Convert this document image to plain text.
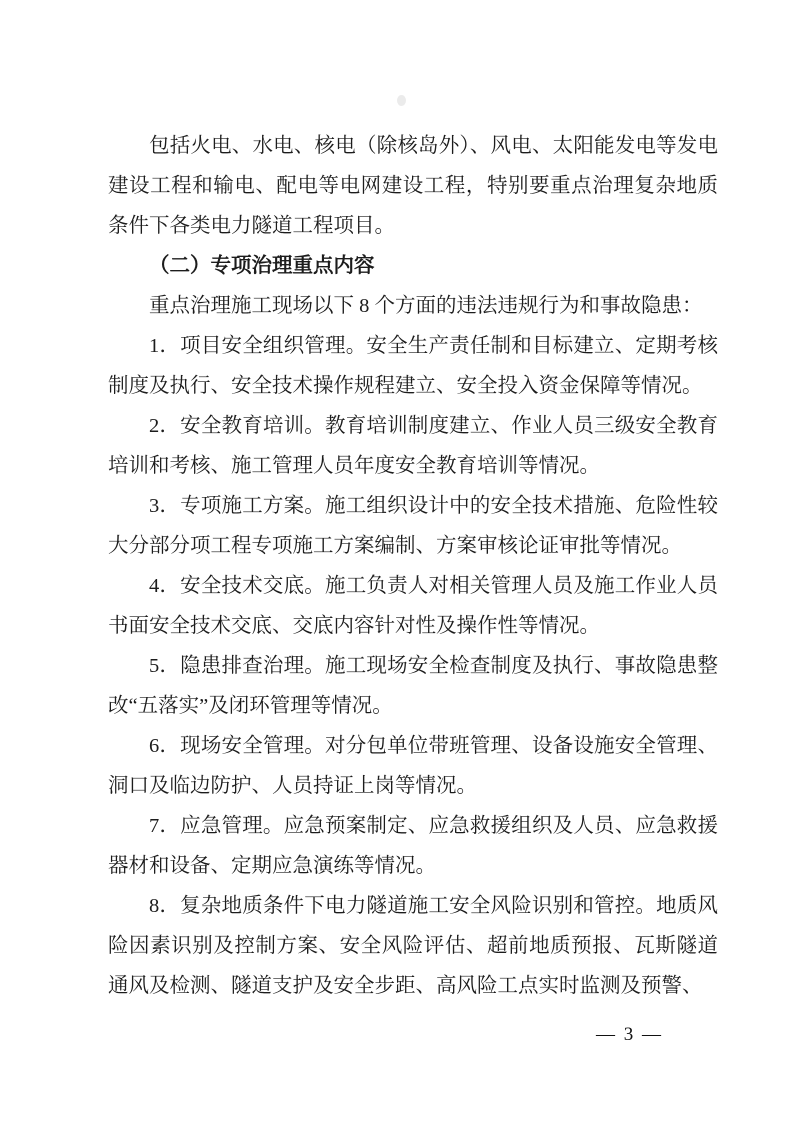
包括火电、水电、核电（除核岛外）、风电、太阳能发电等发电建设工程和输电、配电等电网建设工程，特别要重点治理复杂地质条件下各类电力隧道工程项目。

（二）专项治理重点内容

重点治理施工现场以下 8 个方面的违法违规行为和事故隐患：

1．项目安全组织管理。安全生产责任制和目标建立、定期考核制度及执行、安全技术操作规程建立、安全投入资金保障等情况。

2．安全教育培训。教育培训制度建立、作业人员三级安全教育培训和考核、施工管理人员年度安全教育培训等情况。

3．专项施工方案。施工组织设计中的安全技术措施、危险性较大分部分项工程专项施工方案编制、方案审核论证审批等情况。

4．安全技术交底。施工负责人对相关管理人员及施工作业人员书面安全技术交底、交底内容针对性及操作性等情况。

5．隐患排查治理。施工现场安全检查制度及执行、事故隐患整改“五落实”及闭环管理等情况。

6．现场安全管理。对分包单位带班管理、设备设施安全管理、洞口及临边防护、人员持证上岗等情况。

7．应急管理。应急预案制定、应急救援组织及人员、应急救援器材和设备、定期应急演练等情况。

8．复杂地质条件下电力隧道施工安全风险识别和管控。地质风险因素识别及控制方案、安全风险评估、超前地质预报、瓦斯隧道通风及检测、隧道支护及安全步距、高风险工点实时监测及预警、

— 3 —
